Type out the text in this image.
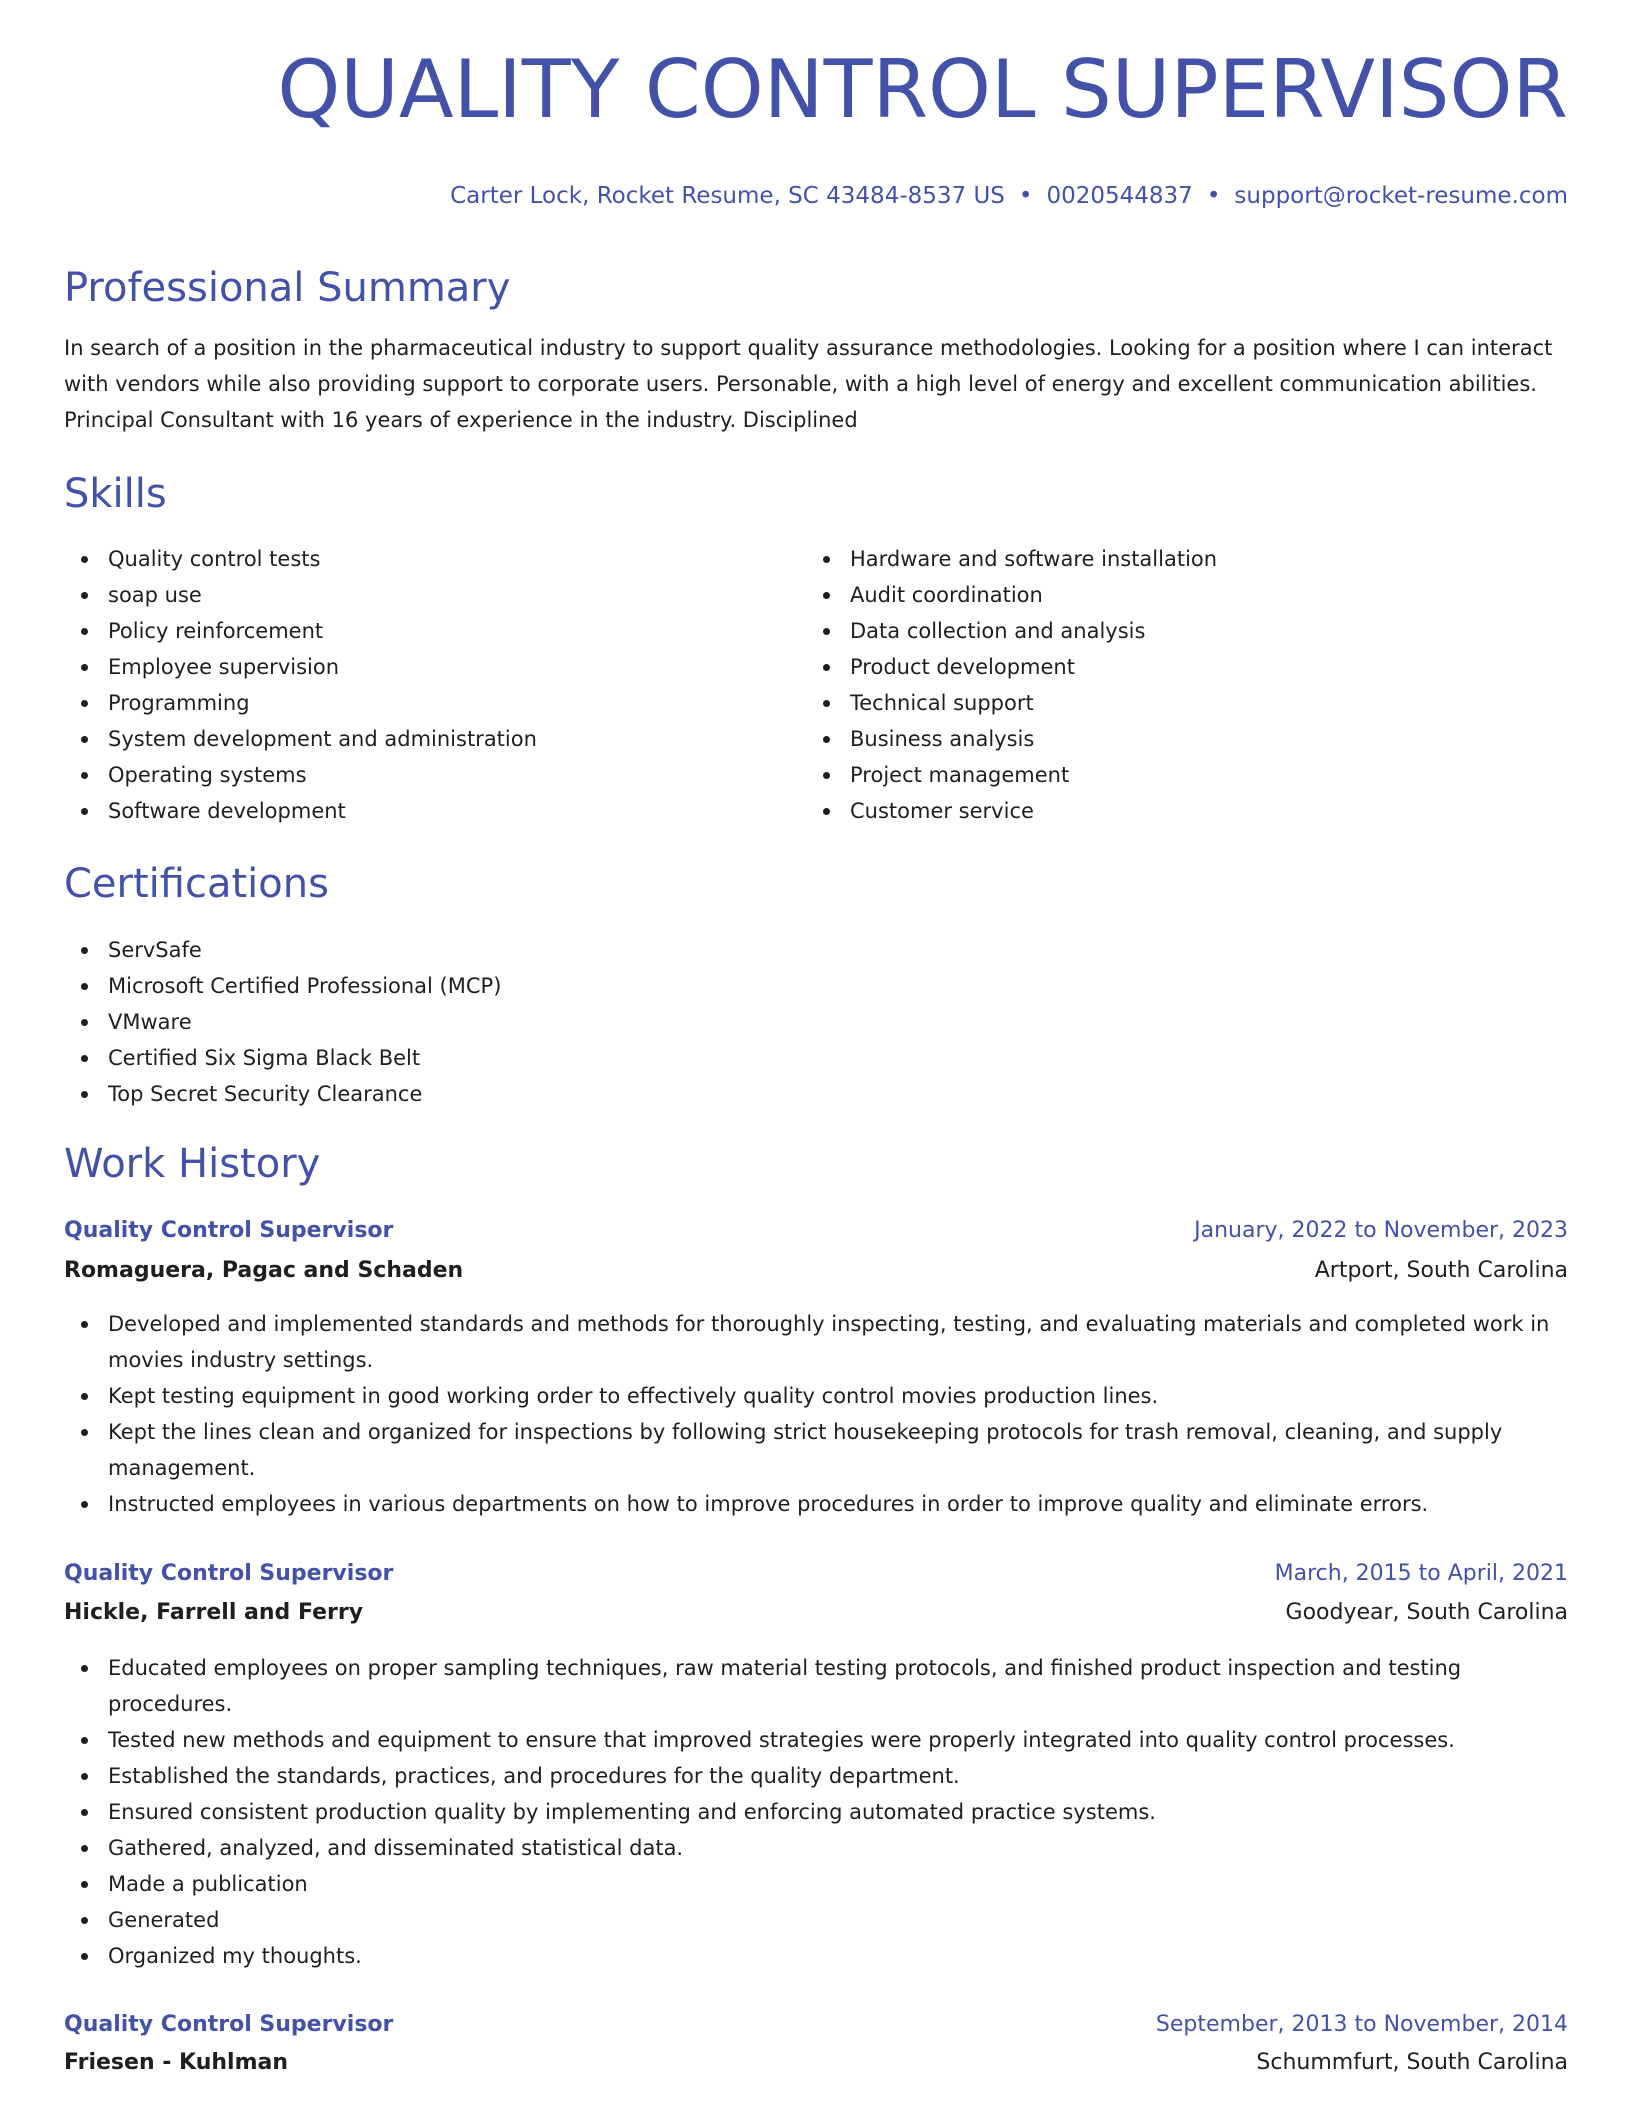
QUALITY CONTROL SUPERVISOR
Carter Lock, Rocket Resume, SC 43484-8537 US • 0020544837 • support@rocket-resume.com
Professional Summary

In search of a position in the pharmaceutical industry to support quality assurance methodologies. Looking for a position where I can interact with vendors while also providing support to corporate users. Personable, with a high level of energy and excellent communication abilities. Principal Consultant with 16 years of experience in the industry. Disciplined

Skills
Quality control tests
soap use
Policy reinforcement
Employee supervision
Programming
System development and administration
Operating systems
Software development
Hardware and software installation
Audit coordination
Data collection and analysis
Product development
Technical support
Business analysis
Project management
Customer service
Certifications
ServSafe
Microsoft Certified Professional (MCP)
VMware
Certified Six Sigma Black Belt
Top Secret Security Clearance
Work History
Quality Control Supervisor	January, 2022 to November, 2023
Romaguera, Pagac and Schaden	Artport, South Carolina
Developed and implemented standards and methods for thoroughly inspecting, testing, and evaluating materials and completed work in movies industry settings.
Kept testing equipment in good working order to effectively quality control movies production lines.
Kept the lines clean and organized for inspections by following strict housekeeping protocols for trash removal, cleaning, and supply management.
Instructed employees in various departments on how to improve procedures in order to improve quality and eliminate errors.
Quality Control Supervisor	March, 2015 to April, 2021
Hickle, Farrell and Ferry	Goodyear, South Carolina
Educated employees on proper sampling techniques, raw material testing protocols, and finished product inspection and testing procedures.
Tested new methods and equipment to ensure that improved strategies were properly integrated into quality control processes.
Established the standards, practices, and procedures for the quality department.
Ensured consistent production quality by implementing and enforcing automated practice systems.
Gathered, analyzed, and disseminated statistical data.
Made a publication
Generated
Organized my thoughts.
Quality Control Supervisor	September, 2013 to November, 2014
Friesen - Kuhlman	Schummfurt, South Carolina
